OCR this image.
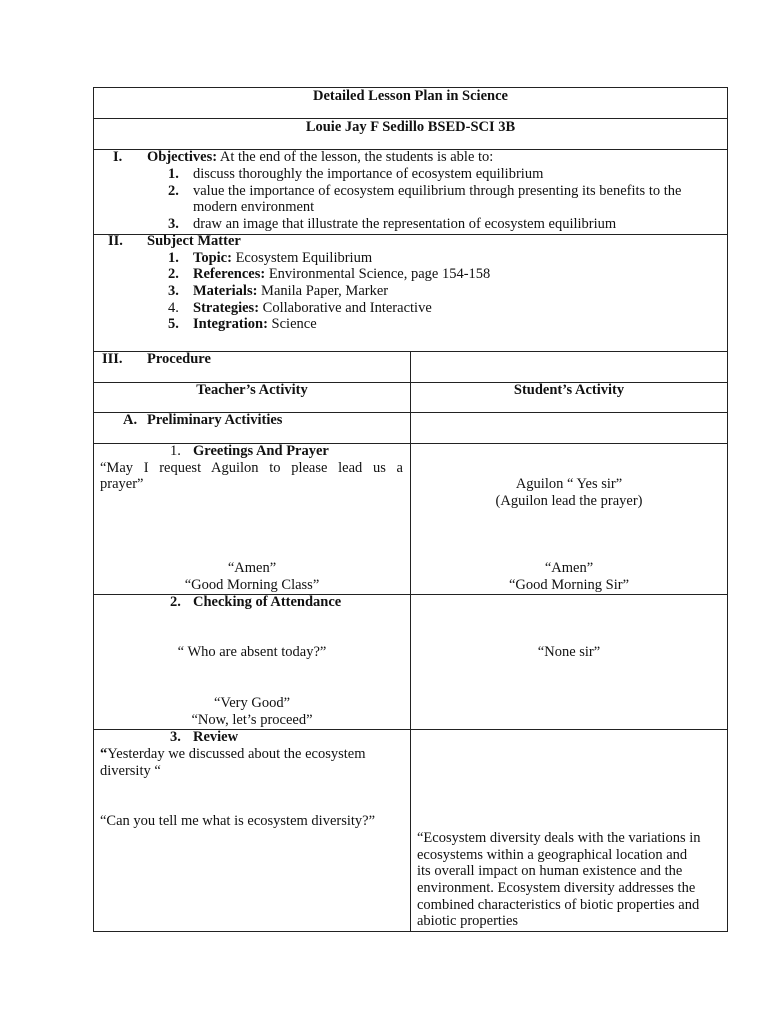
Detailed Lesson Plan in Science
Louie Jay F Sedillo BSED-SCI 3B
I. Objectives: At the end of the lesson, the students is able to:
1. discuss thoroughly the importance of ecosystem equilibrium
2. value the importance of ecosystem equilibrium through presenting its benefits to the
modern environment
3. draw an image that illustrate the representation of ecosystem equilibrium
II. Subject Matter
1. Topic: Ecosystem Equilibrium
2. References: Environmental Science, page 154-158
3. Materials: Manila Paper, Marker
4. Strategies: Collaborative and Interactive
5. Integration: Science
III. Procedure
Teacher’s Activity	Student’s Activity
A. Preliminary Activities
1. Greetings And Prayer
“May I request Aguilon to please lead us a
prayer”
“Amen”
“Good Morning Class”
Aguilon “ Yes sir”
(Aguilon lead the prayer)
“Amen”
“Good Morning Sir”
2. Checking of Attendance
“ Who are absent today?”
“Very Good”
“Now, let’s proceed”
“None sir”
3. Review
“Yesterday we discussed about the ecosystem
diversity “
“Can you tell me what is ecosystem diversity?”
“Ecosystem diversity deals with the variations in
ecosystems within a geographical location and
its overall impact on human existence and the
environment. Ecosystem diversity addresses the
combined characteristics of biotic properties and
abiotic properties
